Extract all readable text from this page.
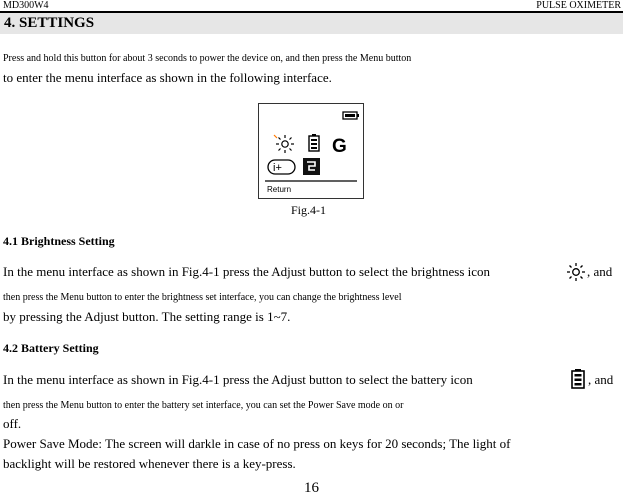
MD300W4	PULSE OXIMETER
4. SETTINGS
Press and hold this button for about 3 seconds to power the device on, and then press the Menu button
to enter the menu interface as shown in the following interface.
G
i+
Return
Fig.4-1
4.1 Brightness Setting
In the menu interface as shown in Fig.4-1 press the Adjust button to select the brightness icon	, and
then press the Menu button to enter the brightness set interface, you can change the brightness level
by pressing the Adjust button. The setting range is 1~7.
4.2 Battery Setting
In the menu interface as shown in Fig.4-1 press the Adjust button to select the battery icon	, and
then press the Menu button to enter the battery set interface, you can set the Power Save mode on or
off.
Power Save Mode: The screen will darkle in case of no press on keys for 20 seconds; The light of
backlight will be restored whenever there is a key-press.
16
